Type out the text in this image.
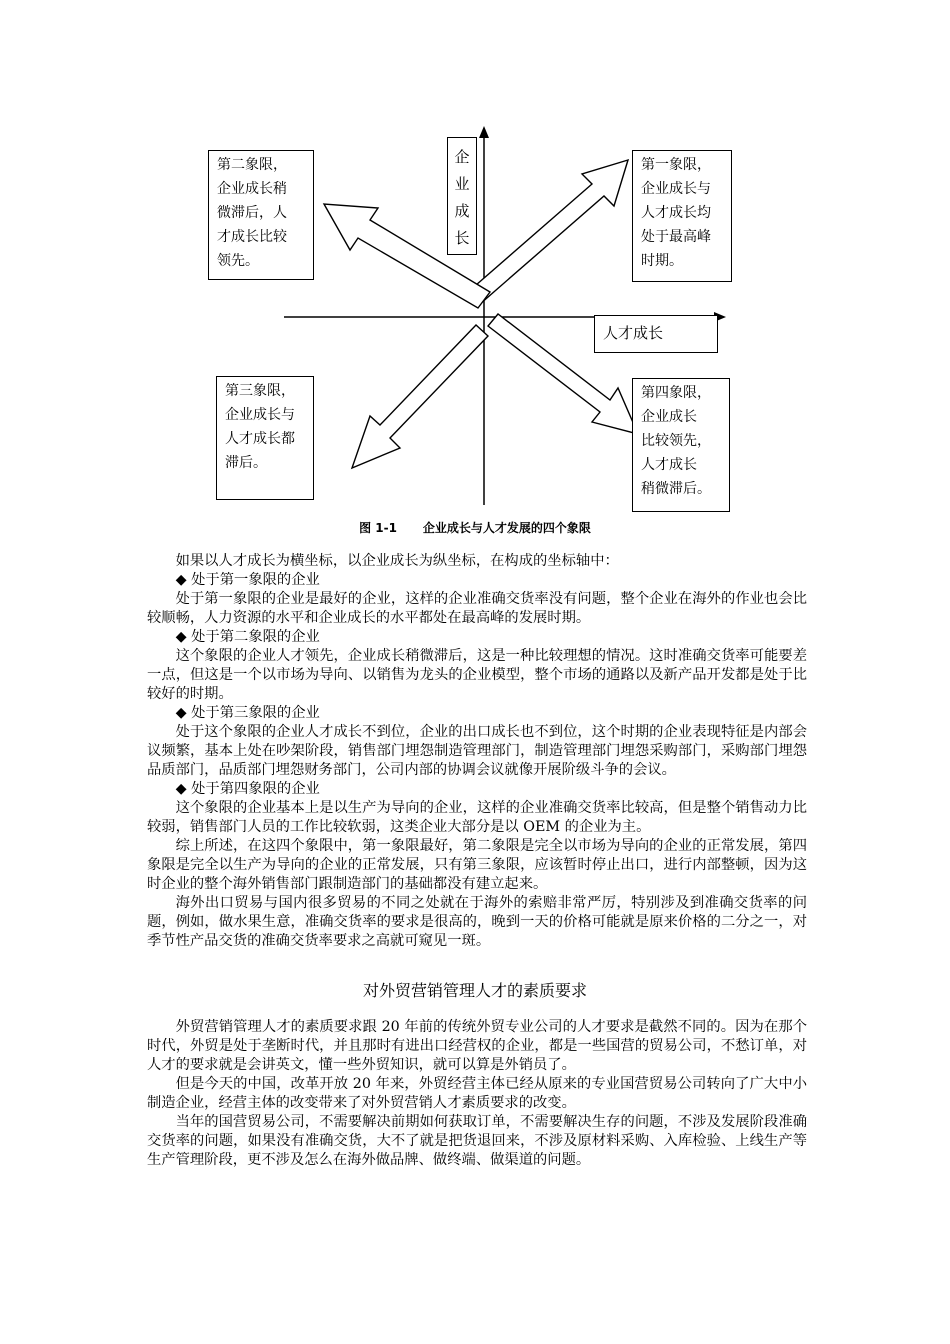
企
业
成
长
人才成长
第二象限，
企业成长稍
微滞后，人
才成长比较
领先。
第一象限，
企业成长与
人才成长均
处于最高峰
时期。
第三象限，
企业成长与
人才成长都
滞后。
第四象限，
企业成长
比较领先，
人才成长
稍微滞后。
图 1-1 企业成长与人才发展的四个象限

如果以人才成长为横坐标，以企业成长为纵坐标，在构成的坐标轴中：

◆ 处于第一象限的企业

处于第一象限的企业是最好的企业，这样的企业准确交货率没有问题，整个企业在海外的作业也会比较顺畅，人力资源的水平和企业成长的水平都处在最高峰的发展时期。

◆ 处于第二象限的企业

这个象限的企业人才领先，企业成长稍微滞后，这是一种比较理想的情况。这时准确交货率可能要差一点，但这是一个以市场为导向、以销售为龙头的企业模型，整个市场的通路以及新产品开发都是处于比较好的时期。

◆ 处于第三象限的企业

处于这个象限的企业人才成长不到位，企业的出口成长也不到位，这个时期的企业表现特征是内部会议频繁，基本上处在吵架阶段，销售部门埋怨制造管理部门，制造管理部门埋怨采购部门，采购部门埋怨品质部门，品质部门埋怨财务部门，公司内部的协调会议就像开展阶级斗争的会议。

◆ 处于第四象限的企业

这个象限的企业基本上是以生产为导向的企业，这样的企业准确交货率比较高，但是整个销售动力比较弱，销售部门人员的工作比较软弱，这类企业大部分是以 OEM 的企业为主。

综上所述，在这四个象限中，第一象限最好，第二象限是完全以市场为导向的企业的正常发展，第四象限是完全以生产为导向的企业的正常发展，只有第三象限，应该暂时停止出口，进行内部整顿，因为这时企业的整个海外销售部门跟制造部门的基础都没有建立起来。

海外出口贸易与国内很多贸易的不同之处就在于海外的索赔非常严厉，特别涉及到准确交货率的问题，例如，做水果生意，准确交货率的要求是很高的，晚到一天的价格可能就是原来价格的二分之一，对季节性产品交货的准确交货率要求之高就可窥见一斑。

对外贸营销管理人才的素质要求

外贸营销管理人才的素质要求跟 20 年前的传统外贸专业公司的人才要求是截然不同的。因为在那个时代，外贸是处于垄断时代，并且那时有进出口经营权的企业，都是一些国营的贸易公司，不愁订单，对人才的要求就是会讲英文，懂一些外贸知识，就可以算是外销员了。

但是今天的中国，改革开放 20 年来，外贸经营主体已经从原来的专业国营贸易公司转向了广大中小制造企业，经营主体的改变带来了对外贸营销人才素质要求的改变。

当年的国营贸易公司，不需要解决前期如何获取订单，不需要解决生存的问题，不涉及发展阶段准确交货率的问题，如果没有准确交货，大不了就是把货退回来，不涉及原材料采购、入库检验、上线生产等生产管理阶段，更不涉及怎么在海外做品牌、做终端、做渠道的问题。
